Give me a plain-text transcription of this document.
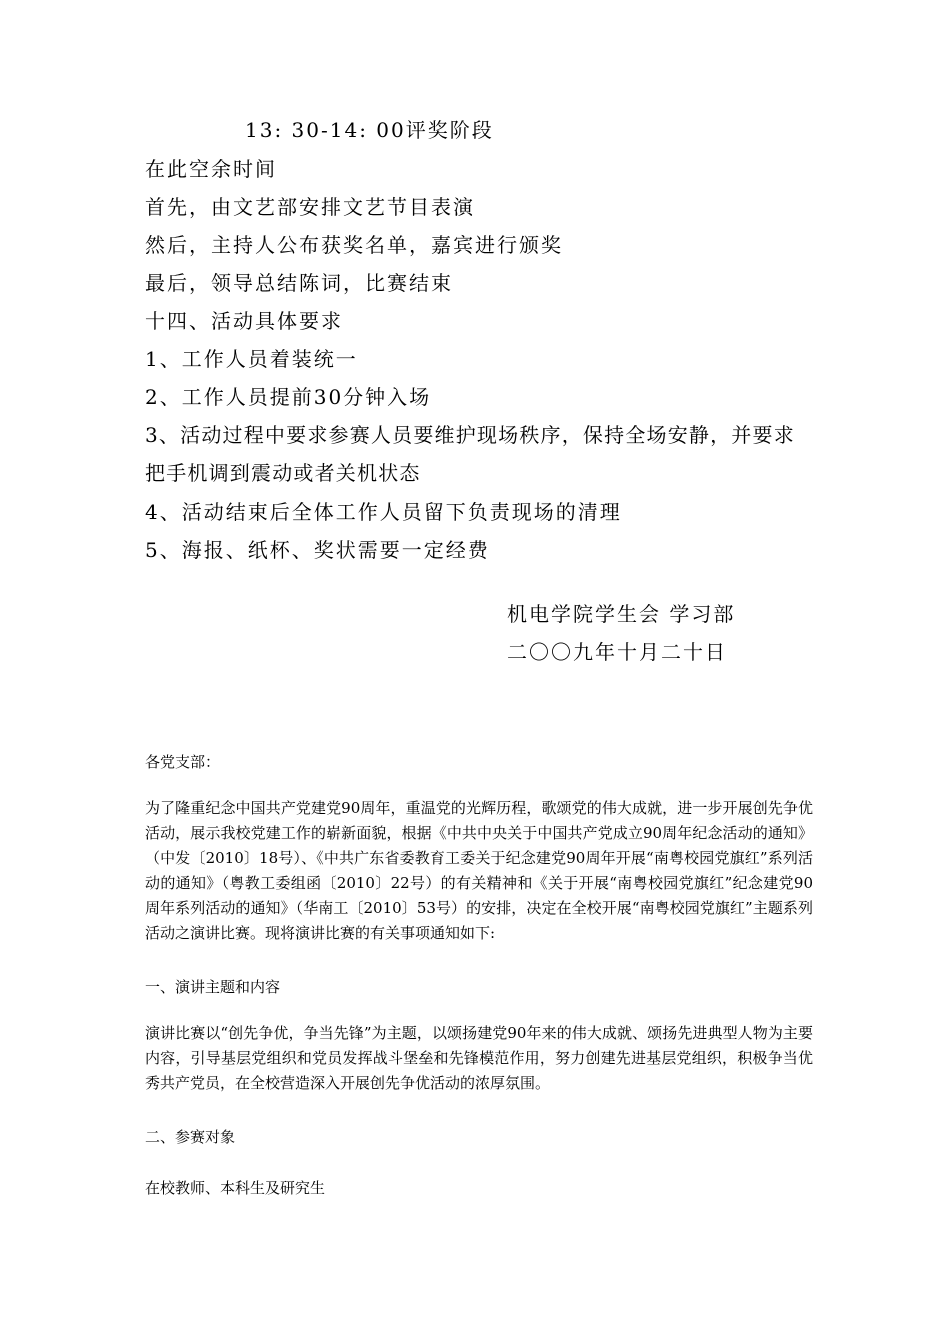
13: 30-14: 00评奖阶段
在此空余时间
首先，由文艺部安排文艺节目表演
然后，主持人公布获奖名单，嘉宾进行颁奖
最后，领导总结陈词，比赛结束
十四、活动具体要求
1、工作人员着装统一
2、工作人员提前30分钟入场
3、活动过程中要求参赛人员要维护现场秩序，保持全场安静，并要求把手机调到震动或者关机状态
4、活动结束后全体工作人员留下负责现场的清理
5、海报、纸杯、奖状需要一定经费
机电学院学生会 学习部
二〇〇九年十月二十日
各党支部：
为了隆重纪念中国共产党建党90周年，重温党的光辉历程，歌颂党的伟大成就，进一步开展创先争优活动，展示我校党建工作的崭新面貌，根据《中共中央关于中国共产党成立90周年纪念活动的通知》（中发〔2010〕18号）、《中共广东省委教育工委关于纪念建党90周年开展“南粤校园党旗红”系列活动的通知》（粤教工委组函〔2010〕22号）的有关精神和《关于开展“南粤校园党旗红”纪念建党90周年系列活动的通知》（华南工〔2010〕53号）的安排，决定在全校开展“南粤校园党旗红”主题系列活动之演讲比赛。现将演讲比赛的有关事项通知如下:
一、演讲主题和内容
演讲比赛以“创先争优，争当先锋”为主题，以颂扬建党90年来的伟大成就、颂扬先进典型人物为主要内容，引导基层党组织和党员发挥战斗堡垒和先锋模范作用，努力创建先进基层党组织，积极争当优秀共产党员，在全校营造深入开展创先争优活动的浓厚氛围。
二、参赛对象
在校教师、本科生及研究生
